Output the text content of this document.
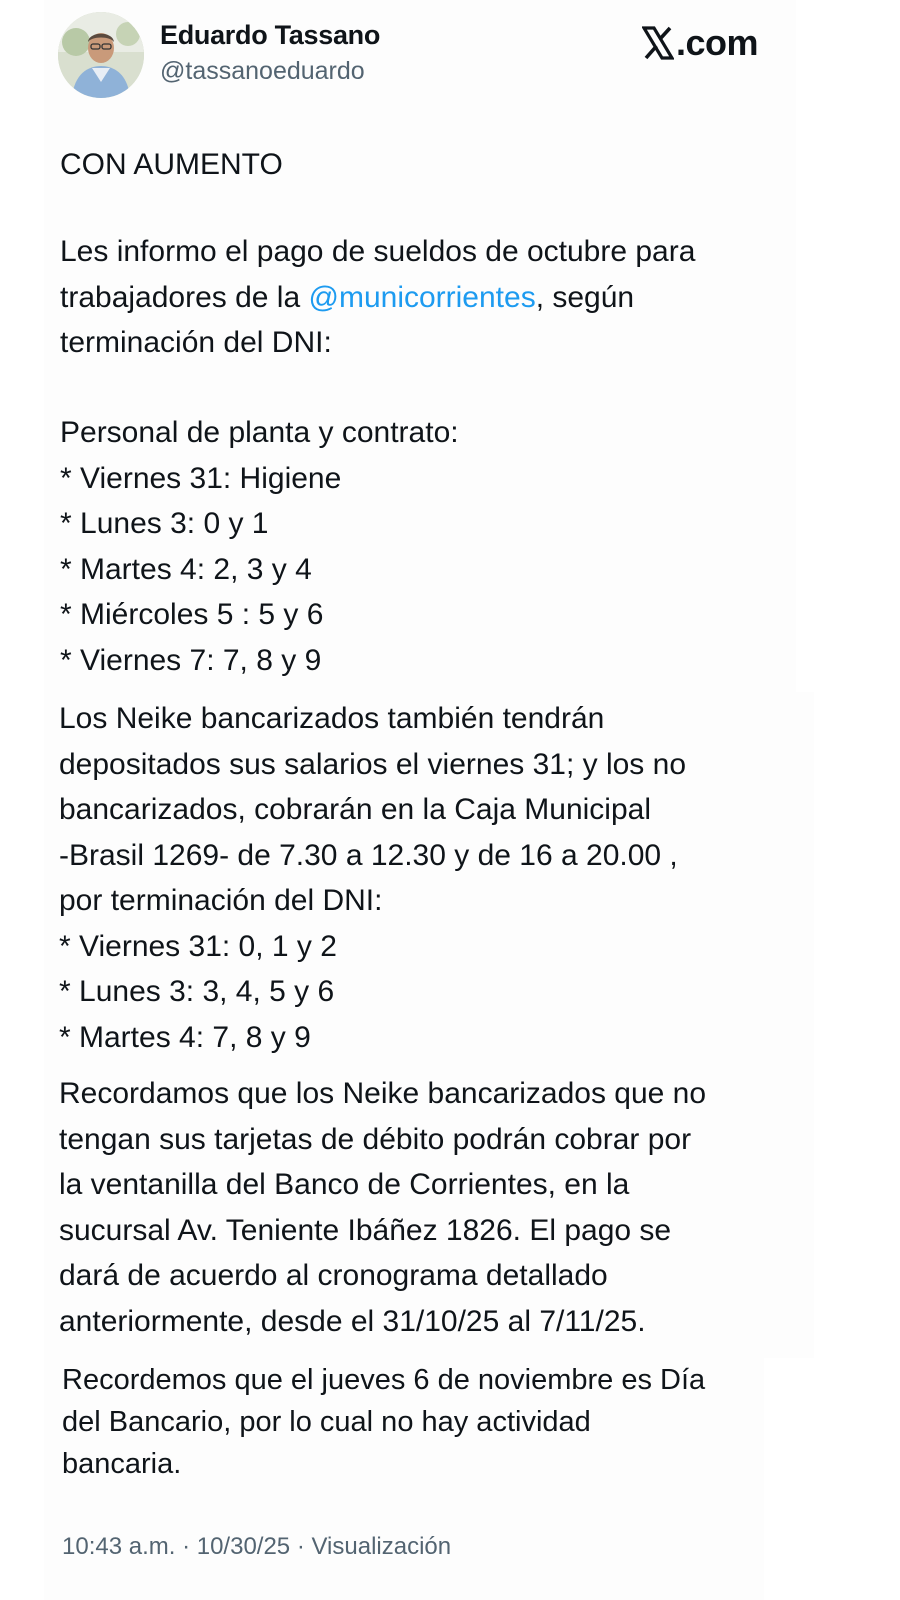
Eduardo Tassano
@tassanoeduardo
.com
CON AUMENTO
Les informo el pago de sueldos de octubre para
trabajadores de la @municorrientes, según
terminación del DNI:
Personal de planta y contrato:
* Viernes 31: Higiene
* Lunes 3: 0 y 1
* Martes 4: 2, 3 y 4
* Miércoles 5 : 5 y 6
* Viernes 7: 7, 8 y 9
Los Neike bancarizados también tendrán
depositados sus salarios el viernes 31; y los no
bancarizados, cobrarán en la Caja Municipal
-Brasil 1269- de 7.30 a 12.30 y de 16 a 20.00 ,
por terminación del DNI:
* Viernes 31: 0, 1 y 2
* Lunes 3: 3, 4, 5 y 6
* Martes 4: 7, 8 y 9
Recordamos que los Neike bancarizados que no
tengan sus tarjetas de débito podrán cobrar por
la ventanilla del Banco de Corrientes, en la
sucursal Av. Teniente Ibáñez 1826. El pago se
dará de acuerdo al cronograma detallado
anteriormente, desde el 31/10/25 al 7/11/25.
Recordemos que el jueves 6 de noviembre es Día
del Bancario, por lo cual no hay actividad
bancaria.
10:43 a.m. · 10/30/25 · Visualización
